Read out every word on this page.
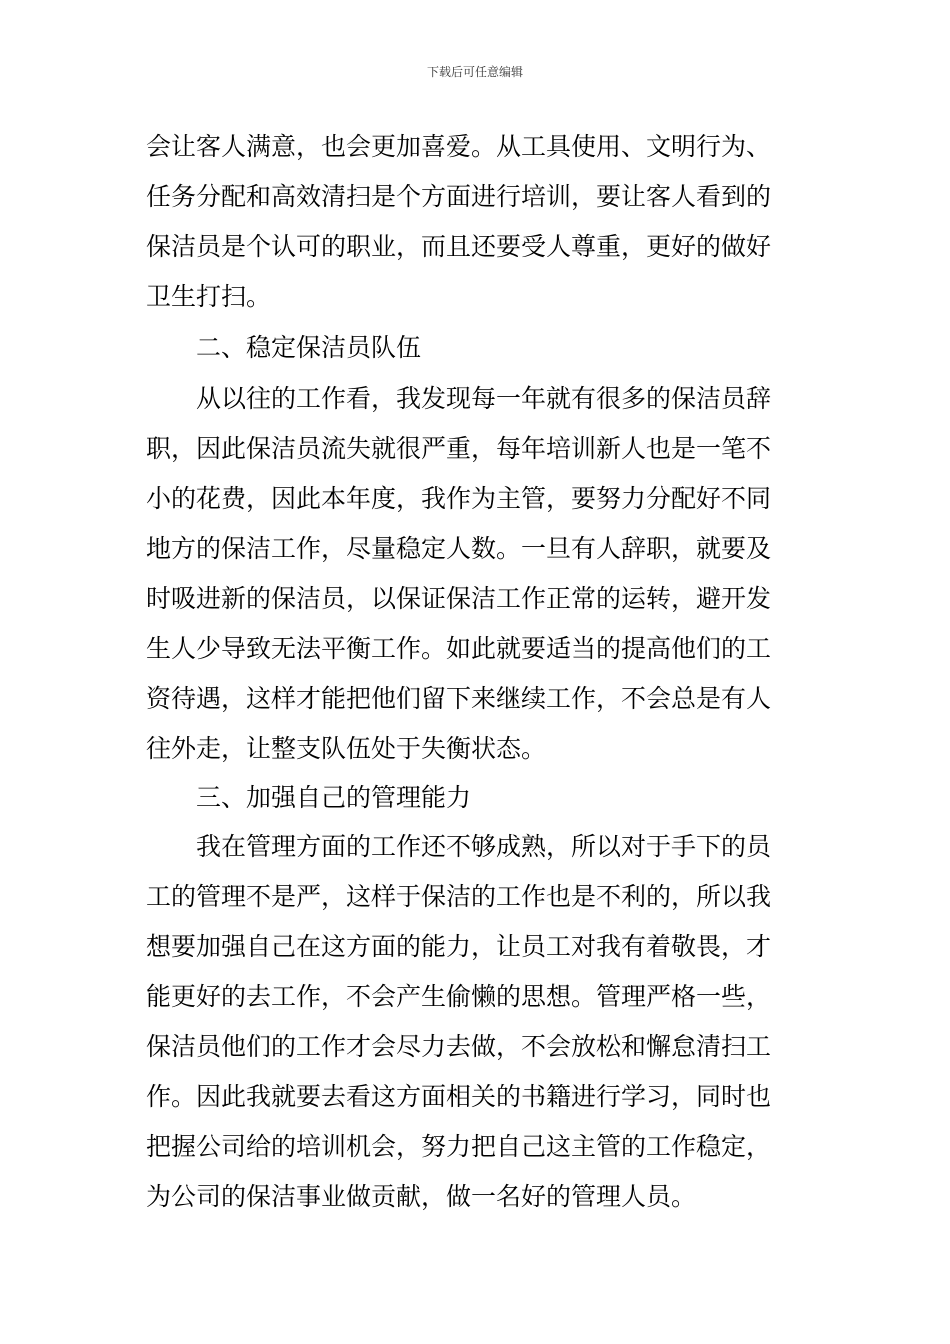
下载后可任意编辑
会让客人满意，也会更加喜爱。从工具使用、文明行为、
任务分配和高效清扫是个方面进行培训，要让客人看到的
保洁员是个认可的职业，而且还要受人尊重，更好的做好
卫生打扫。
二、稳定保洁员队伍
从以往的工作看，我发现每一年就有很多的保洁员辞
职，因此保洁员流失就很严重，每年培训新人也是一笔不
小的花费，因此本年度，我作为主管，要努力分配好不同
地方的保洁工作，尽量稳定人数。一旦有人辞职，就要及
时吸进新的保洁员，以保证保洁工作正常的运转，避开发
生人少导致无法平衡工作。如此就要适当的提高他们的工
资待遇，这样才能把他们留下来继续工作，不会总是有人
往外走，让整支队伍处于失衡状态。
三、加强自己的管理能力
我在管理方面的工作还不够成熟，所以对于手下的员
工的管理不是严，这样于保洁的工作也是不利的，所以我
想要加强自己在这方面的能力，让员工对我有着敬畏，才
能更好的去工作，不会产生偷懒的思想。管理严格一些，
保洁员他们的工作才会尽力去做，不会放松和懈怠清扫工
作。因此我就要去看这方面相关的书籍进行学习，同时也
把握公司给的培训机会，努力把自己这主管的工作稳定，
为公司的保洁事业做贡献，做一名好的管理人员。
